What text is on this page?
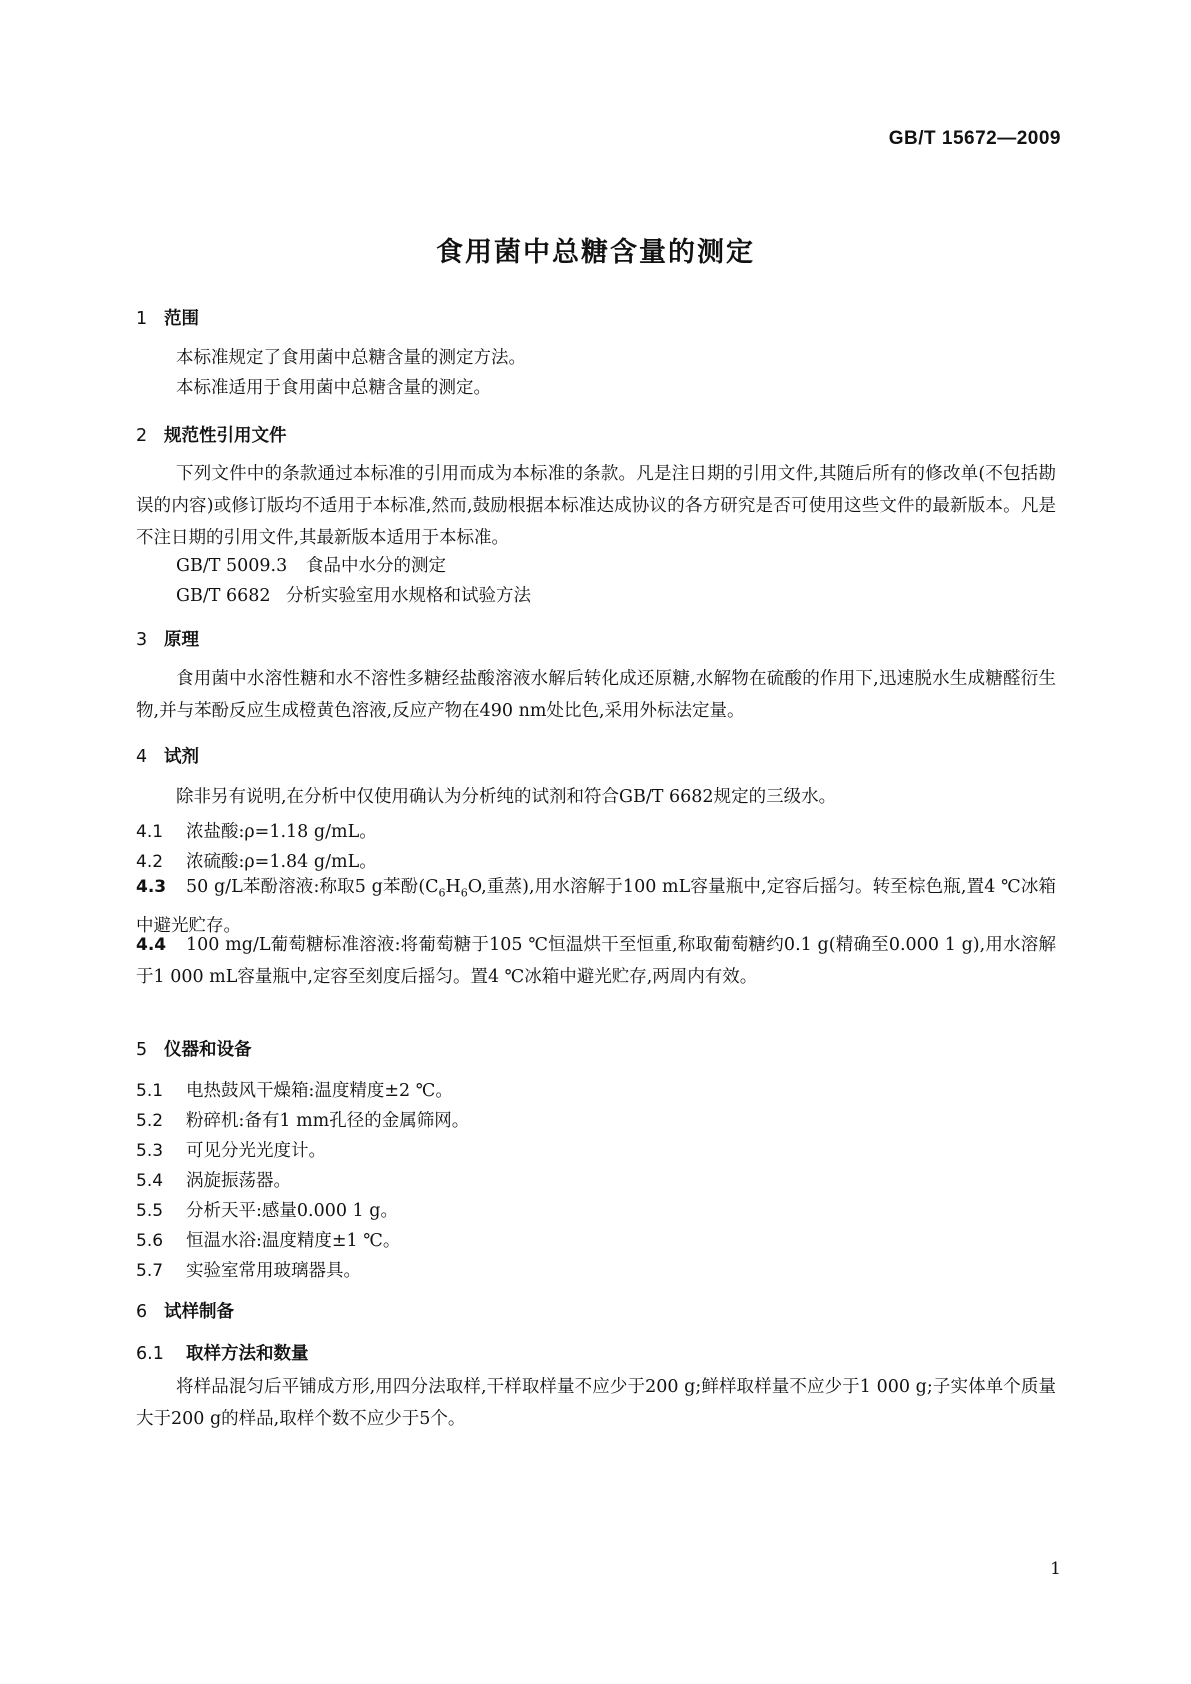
GB/T 15672—2009
食用菌中总糖含量的测定
1 范围
本标准规定了食用菌中总糖含量的测定方法。
本标准适用于食用菌中总糖含量的测定。
2 规范性引用文件
下列文件中的条款通过本标准的引用而成为本标准的条款。凡是注日期的引用文件,其随后所有的修改单(不包括勘误的内容)或修订版均不适用于本标准,然而,鼓励根据本标准达成协议的各方研究是否可使用这些文件的最新版本。凡是不注日期的引用文件,其最新版本适用于本标准。
GB/T 5009.3 食品中水分的测定
GB/T 6682 分析实验室用水规格和试验方法
3 原理
食用菌中水溶性糖和水不溶性多糖经盐酸溶液水解后转化成还原糖,水解物在硫酸的作用下,迅速脱水生成糖醛衍生物,并与苯酚反应生成橙黄色溶液,反应产物在490 nm处比色,采用外标法定量。
4 试剂
除非另有说明,在分析中仅使用确认为分析纯的试剂和符合GB/T 6682规定的三级水。
4.1 浓盐酸:ρ=1.18 g/mL。
4.2 浓硫酸:ρ=1.84 g/mL。
4.3 50 g/L苯酚溶液:称取5 g苯酚($C_6H_6O$,重蒸),用水溶解于100 mL容量瓶中,定容后摇匀。转至棕色瓶,置4 ℃冰箱中避光贮存。
4.4 100 mg/L葡萄糖标准溶液:将葡萄糖于105 ℃恒温烘干至恒重,称取葡萄糖约0.1 g(精确至0.000 1 g),用水溶解于1 000 mL容量瓶中,定容至刻度后摇匀。置4 ℃冰箱中避光贮存,两周内有效。
5 仪器和设备
5.1 电热鼓风干燥箱:温度精度±2 ℃。
5.2 粉碎机:备有1 mm孔径的金属筛网。
5.3 可见分光光度计。
5.4 涡旋振荡器。
5.5 分析天平:感量0.000 1 g。
5.6 恒温水浴:温度精度±1 ℃。
5.7 实验室常用玻璃器具。
6 试样制备
6.1 取样方法和数量
将样品混匀后平铺成方形,用四分法取样,干样取样量不应少于200 g;鲜样取样量不应少于1 000 g;子实体单个质量大于200 g的样品,取样个数不应少于5个。
1
